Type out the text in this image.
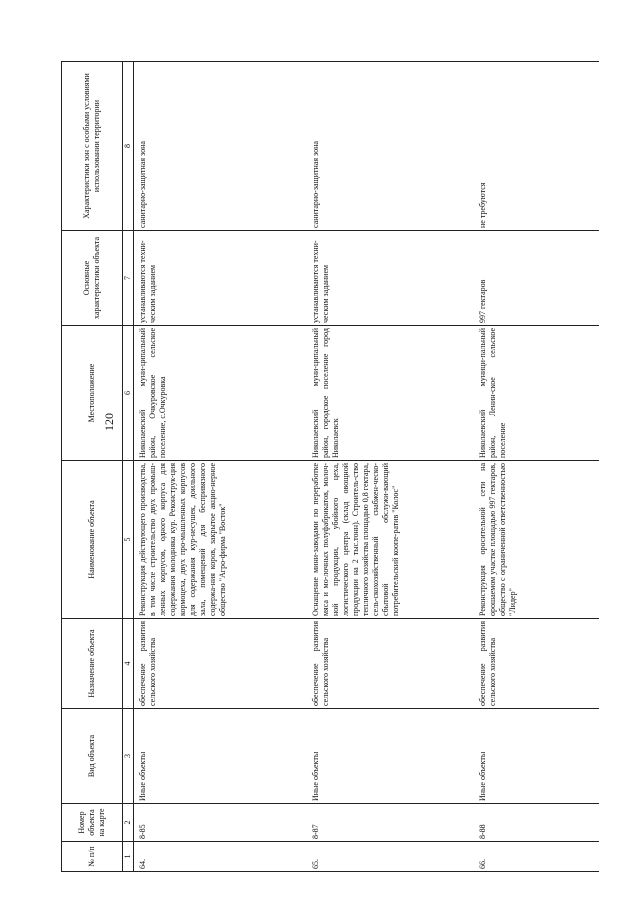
120
№ п/п	Номер объекта на карте	Вид объекта	Назначение объекта	Наименование объекта	Местоположение	Основные характеристики объекта	Характеристики зон с особыми условиями использовании территории
1	2	3	4	5	6	7	8
64.	8-85	Иные объекты	обеспечение развития сельского хозяйства	Реконструкция действующего производства, в том числе строительство двух промыш-ленных корпусов, одного корпуса для содержания молодняка кур. Реконструк-ция кормоцеха, двух про-мышленных корпусов для содержания кур-несушек, доильного зала, помещений для беспривязного содержа-ния коров, закрытое акцио-нерное общество "Агро-фирма "Восток"	Николаевский муни-ципальный район, Очкуровское сельское поселение, с.Очкуровка	устанавливаются техни-ческим заданием	санитарно-защитная зона
65.	8-87	Иные объекты	обеспечение развития сельского хозяйства	Оснащение мини-заводами по переработке мяса и мо-лочных полуфабрикатов, молоч-ной продукции, убойного цеха, логистического центра (склад овощной продукции на 2 тыс.тонн). Строитель-ство тепличного хозяйства площадью 0,8 гектара, сель-скохозяйственный снабжен-ческо-сбытовой обслужи-вающий потребительский коопе-ратив "Колос"	Николаевский муни-ципальный район, городское поселение город Николаевск	устанавливаются техни-ческим заданием	санитарно-защитная зона
66.	8-88	Иные объекты	обеспечение развития сельского хозяйства	Реконструкция оросительной сети на орошаемом участке площадью 997 гектаров, общество с ограниченной ответственностью "Лидер"	Николаевский муници-пальный район, Ленин-ское сельское поселение	997 гектаров	не требуются
